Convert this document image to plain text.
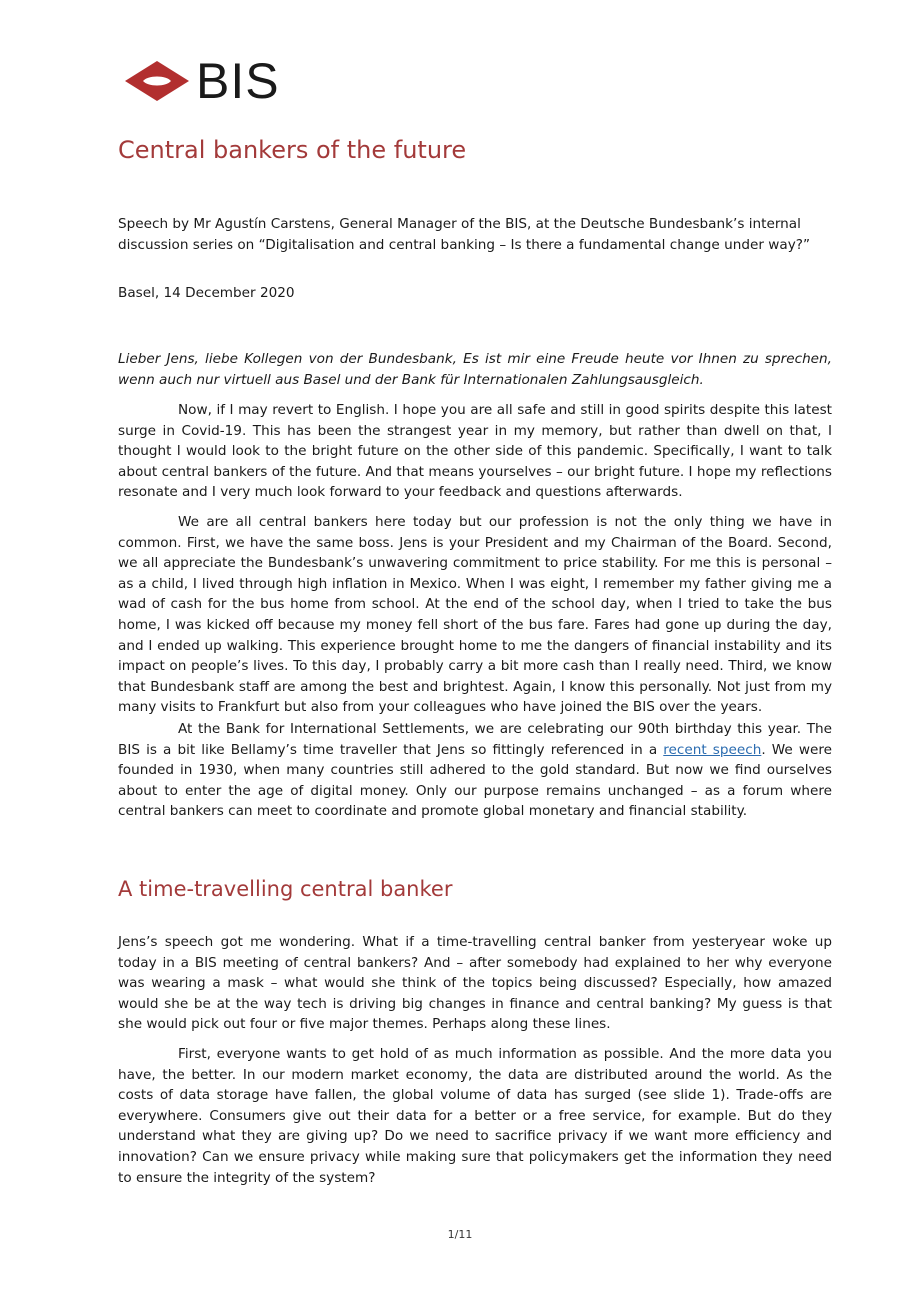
BIS
Central bankers of the future
Speech by Mr Agustín Carstens, General Manager of the BIS, at the Deutsche Bundesbank’s internal discussion series on “Digitalisation and central banking – Is there a fundamental change under way?”
Basel, 14 December 2020
Lieber Jens, liebe Kollegen von der Bundesbank, Es ist mir eine Freude heute vor Ihnen zu sprechen, wenn auch nur virtuell aus Basel und der Bank für Internationalen Zahlungsausgleich.
Now, if I may revert to English. I hope you are all safe and still in good spirits despite this latest surge in Covid-19. This has been the strangest year in my memory, but rather than dwell on that, I thought I would look to the bright future on the other side of this pandemic. Specifically, I want to talk about central bankers of the future. And that means yourselves – our bright future. I hope my reflections resonate and I very much look forward to your feedback and questions afterwards.
We are all central bankers here today but our profession is not the only thing we have in common. First, we have the same boss. Jens is your President and my Chairman of the Board. Second, we all appreciate the Bundesbank’s unwavering commitment to price stability. For me this is personal – as a child, I lived through high inflation in Mexico. When I was eight, I remember my father giving me a wad of cash for the bus home from school. At the end of the school day, when I tried to take the bus home, I was kicked off because my money fell short of the bus fare. Fares had gone up during the day, and I ended up walking. This experience brought home to me the dangers of financial instability and its impact on people’s lives. To this day, I probably carry a bit more cash than I really need. Third, we know that Bundesbank staff are among the best and brightest. Again, I know this personally. Not just from my many visits to Frankfurt but also from your colleagues who have joined the BIS over the years.
At the Bank for International Settlements, we are celebrating our 90th birthday this year. The BIS is a bit like Bellamy’s time traveller that Jens so fittingly referenced in a recent speech. We were founded in 1930, when many countries still adhered to the gold standard. But now we find ourselves about to enter the age of digital money. Only our purpose remains unchanged – as a forum where central bankers can meet to coordinate and promote global monetary and financial stability.
A time-travelling central banker
Jens’s speech got me wondering. What if a time-travelling central banker from yesteryear woke up today in a BIS meeting of central bankers? And – after somebody had explained to her why everyone was wearing a mask – what would she think of the topics being discussed? Especially, how amazed would she be at the way tech is driving big changes in finance and central banking? My guess is that she would pick out four or five major themes. Perhaps along these lines.
First, everyone wants to get hold of as much information as possible. And the more data you have, the better. In our modern market economy, the data are distributed around the world. As the costs of data storage have fallen, the global volume of data has surged (see slide 1). Trade-offs are everywhere. Consumers give out their data for a better or a free service, for example. But do they understand what they are giving up? Do we need to sacrifice privacy if we want more efficiency and innovation? Can we ensure privacy while making sure that policymakers get the information they need to ensure the integrity of the system?
1/11
